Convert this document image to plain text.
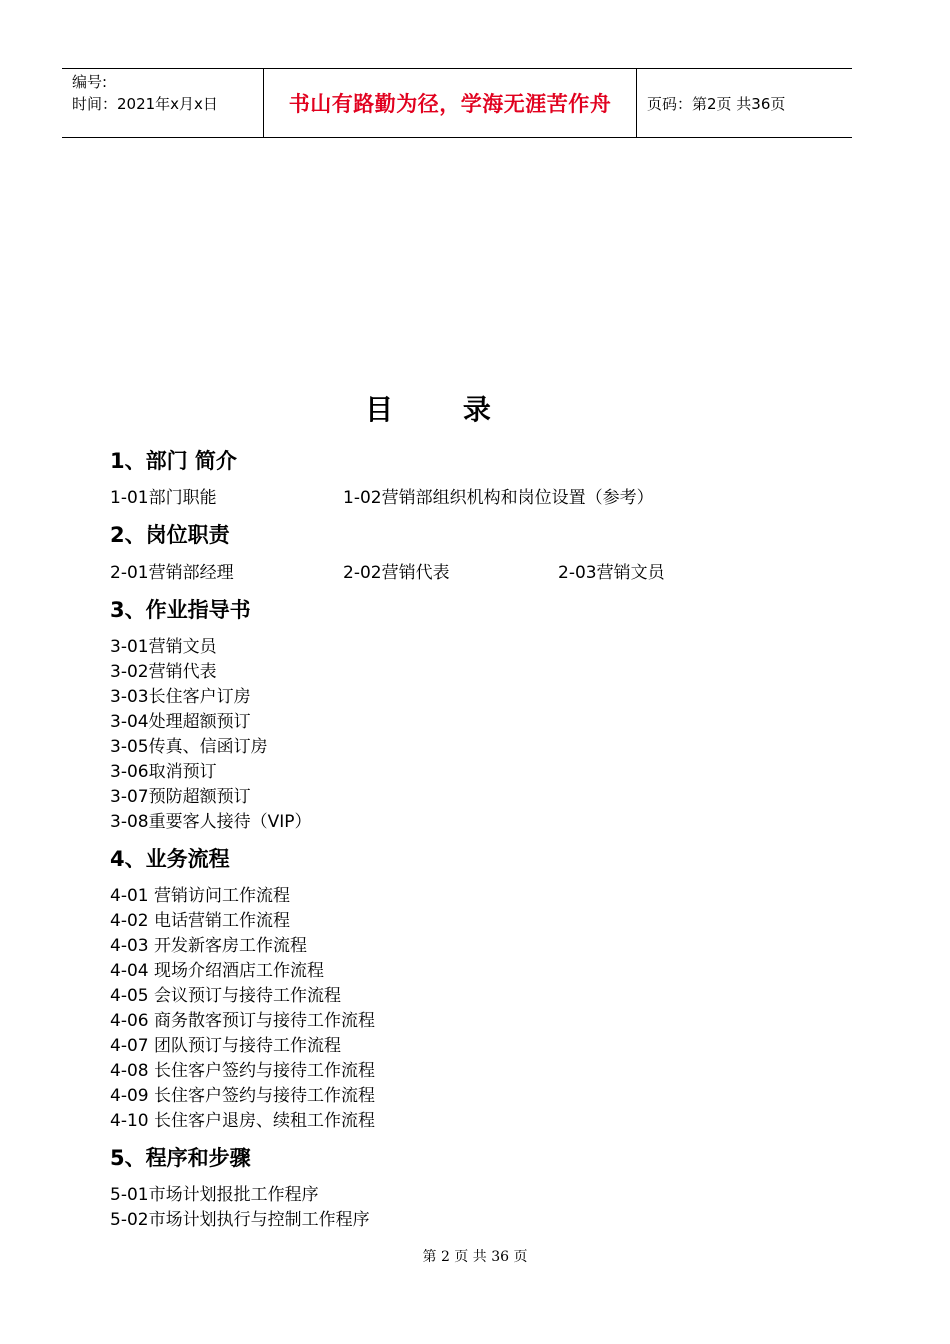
编号:
时间：2021年x月x日	书山有路勤为径，学海无涯苦作舟	页码：第2页 共36页
目 录
1、部门 简介
1-01部门职能	1-02营销部组织机构和岗位设置（参考）
2、岗位职责
2-01营销部经理	2-02营销代表	2-03营销文员
3、作业指导书
3-01营销文员
3-02营销代表
3-03长住客户订房
3-04处理超额预订
3-05传真、信函订房
3-06取消预订
3-07预防超额预订
3-08重要客人接待（VIP）
4、业务流程
4-01 营销访问工作流程
4-02 电话营销工作流程
4-03 开发新客房工作流程
4-04 现场介绍酒店工作流程
4-05 会议预订与接待工作流程
4-06 商务散客预订与接待工作流程
4-07 团队预订与接待工作流程
4-08 长住客户签约与接待工作流程
4-09 长住客户签约与接待工作流程
4-10 长住客户退房、续租工作流程
5、程序和步骤
5-01市场计划报批工作程序
5-02市场计划执行与控制工作程序
第 2 页 共 36 页
